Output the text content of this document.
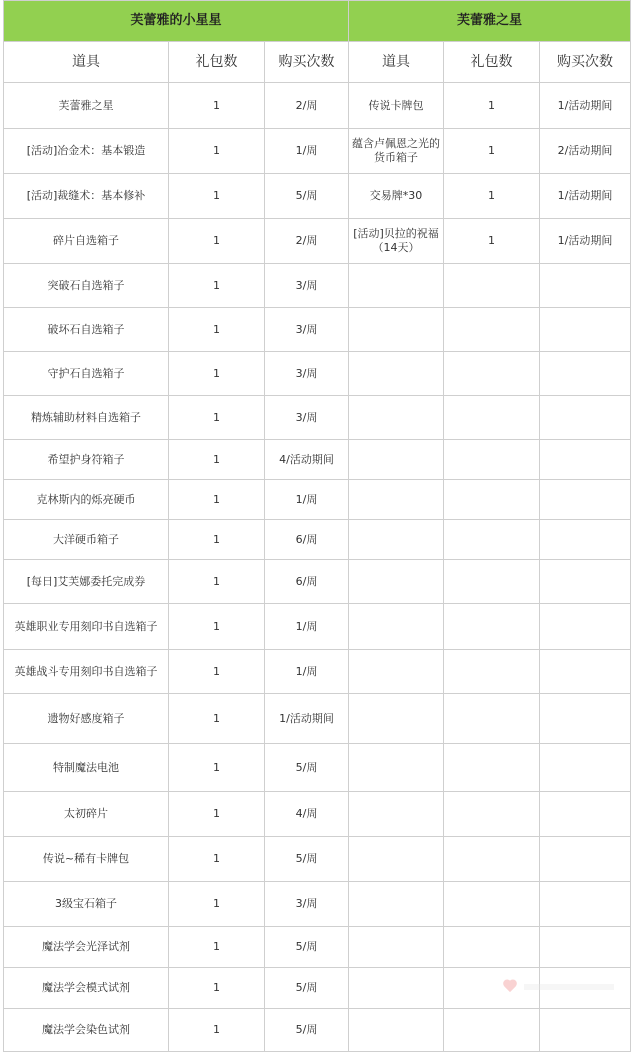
芙蕾雅的小星星			芙蕾雅之星		
道具	礼包数	购买次数	道具	礼包数	购买次数
芙蕾雅之星	1	2/周	传说卡牌包	1	1/活动期间
[活动]冶金术：基本锻造	1	1/周	蕴含卢佩恩之光的货币箱子	1	2/活动期间
[活动]裁缝术：基本修补	1	5/周	交易牌*30	1	1/活动期间
碎片自选箱子	1	2/周	[活动]贝拉的祝福（14天）	1	1/活动期间
突破石自选箱子	1	3/周			
破坏石自选箱子	1	3/周			
守护石自选箱子	1	3/周			
精炼辅助材料自选箱子	1	3/周			
希望护身符箱子	1	4/活动期间			
克林斯内的烁亮硬币	1	1/周			
大洋硬币箱子	1	6/周			
[每日]艾芙娜委托完成券	1	6/周			
英雄职业专用刻印书自选箱子	1	1/周			
英雄战斗专用刻印书自选箱子	1	1/周			
遗物好感度箱子	1	1/活动期间			
特制魔法电池	1	5/周			
太初碎片	1	4/周			
传说~稀有卡牌包	1	5/周			
3级宝石箱子	1	3/周			
魔法学会光泽试剂	1	5/周			
魔法学会模式试剂	1	5/周			
魔法学会染色试剂	1	5/周			
